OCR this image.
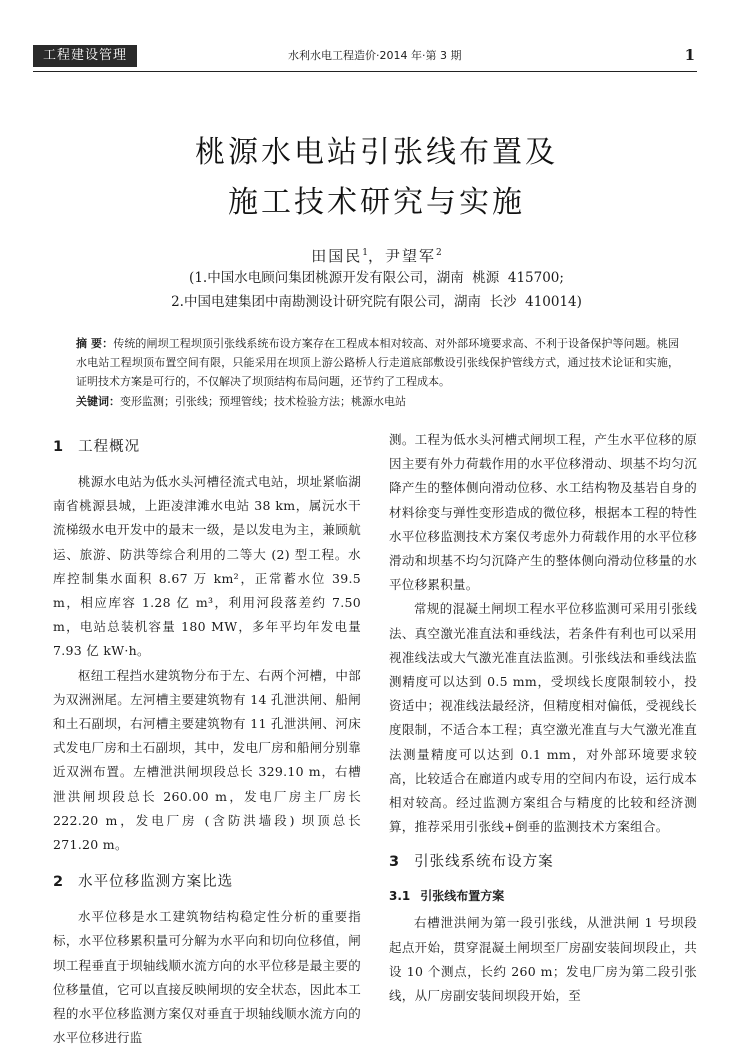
工程建设管理	水利水电工程造价·2014 年·第 3 期	1
桃源水电站引张线布置及
施工技术研究与实施
田国民$^1$，尹望军$^2$
(1.中国水电顾问集团桃源开发有限公司，湖南  桃源  415700;
2.中国电建集团中南勘测设计研究院有限公司，湖南  长沙  410014)
摘 要：传统的闸坝工程坝顶引张线系统布设方案存在工程成本相对较高、对外部环境要求高、不利于设备保护等问题。桃园水电站工程坝顶布置空间有限，只能采用在坝顶上游公路桥人行走道底部敷设引张线保护管线方式，通过技术论证和实施，证明技术方案是可行的，不仅解决了坝顶结构布局问题，还节约了工程成本。
关键词：变形监测；引张线；预埋管线；技术检验方法；桃源水电站
1 工程概况

桃源水电站为低水头河槽径流式电站，坝址紧临湖南省桃源县城，上距凌津滩水电站 38 km，属沅水干流梯级水电开发中的最末一级，是以发电为主，兼顾航运、旅游、防洪等综合利用的二等大 (2) 型工程。水库控制集水面积 8.67 万 km²，正常蓄水位 39.5 m，相应库容 1.28 亿 m³，利用河段落差约 7.50 m，电站总装机容量 180 MW，多年平均年发电量 7.93 亿 kW·h。

枢纽工程挡水建筑物分布于左、右两个河槽，中部为双洲洲尾。左河槽主要建筑物有 14 孔泄洪闸、船闸和土石副坝，右河槽主要建筑物有 11 孔泄洪闸、河床式发电厂房和土石副坝，其中，发电厂房和船闸分别靠近双洲布置。左槽泄洪闸坝段总长 329.10 m，右槽泄洪闸坝段总长 260.00 m，发电厂房主厂房长 222.20 m，发电厂房 (含防洪墙段) 坝顶总长 271.20 m。

2 水平位移监测方案比选

水平位移是水工建筑物结构稳定性分析的重要指标，水平位移累积量可分解为水平向和切向位移值，闸坝工程垂直于坝轴线顺水流方向的水平位移是最主要的位移量值，它可以直接反映闸坝的安全状态，因此本工程的水平位移监测方案仅对垂直于坝轴线顺水流方向的水平位移进行监

测。工程为低水头河槽式闸坝工程，产生水平位移的原因主要有外力荷载作用的水平位移滑动、坝基不均匀沉降产生的整体侧向滑动位移、水工结构物及基岩自身的材料徐变与弹性变形造成的微位移，根据本工程的特性水平位移监测技术方案仅考虑外力荷载作用的水平位移滑动和坝基不均匀沉降产生的整体侧向滑动位移量的水平位移累积量。

常规的混凝土闸坝工程水平位移监测可采用引张线法、真空激光准直法和垂线法，若条件有利也可以采用视准线法或大气激光准直法监测。引张线法和垂线法监测精度可以达到 0.5 mm，受坝线长度限制较小，投资适中；视准线法最经济，但精度相对偏低，受视线长度限制，不适合本工程；真空激光准直与大气激光准直法测量精度可以达到 0.1 mm，对外部环境要求较高，比较适合在廊道内或专用的空间内布设，运行成本相对较高。经过监测方案组合与精度的比较和经济测算，推荐采用引张线+倒垂的监测技术方案组合。

3 引张线系统布设方案
3.1 引张线布置方案

右槽泄洪闸为第一段引张线，从泄洪闸 1 号坝段起点开始，贯穿混凝土闸坝至厂房副安装间坝段止，共设 10 个测点，长约 260 m；发电厂房为第二段引张线，从厂房副安装间坝段开始，至
